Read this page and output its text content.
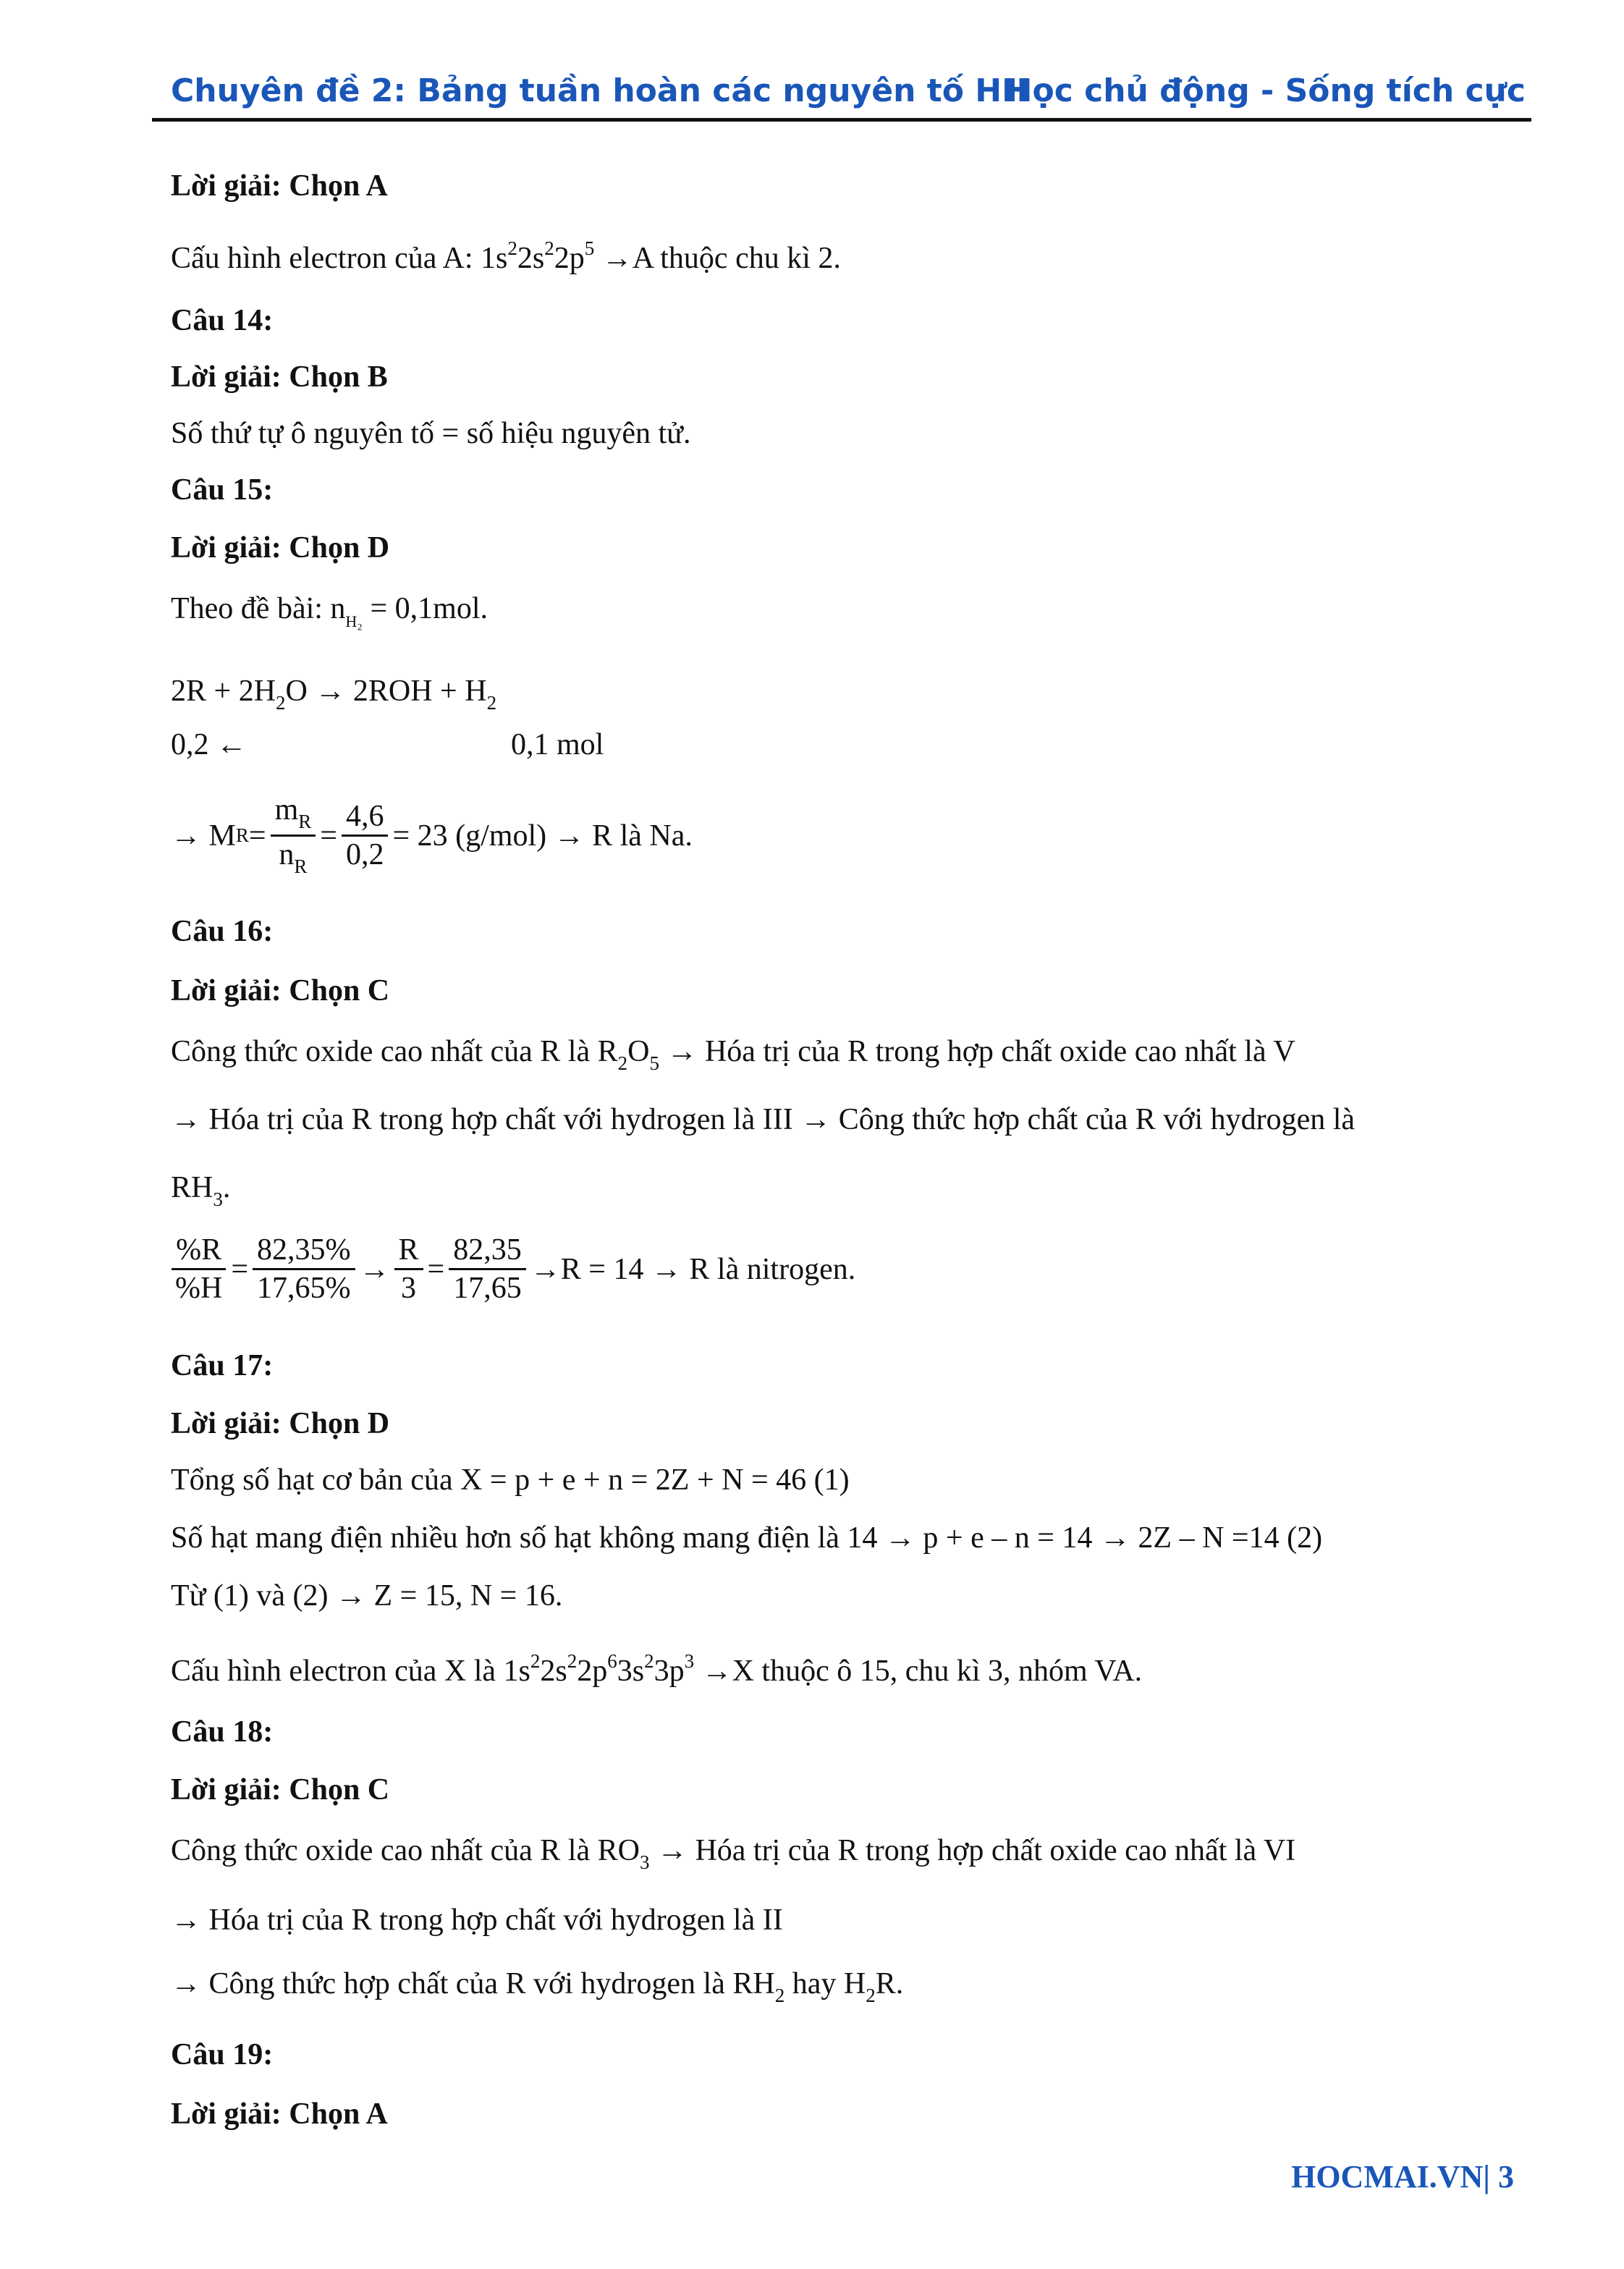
Chuyên đề 2: Bảng tuần hoàn các nguyên tố HH
Học chủ động - Sống tích cực
Lời giải: Chọn A
Cấu hình electron của A: $1s^22s^22p^5 \to A$ thuộc chu kì 2.
Câu 14:
Lời giải: Chọn B
Số thứ tự ô nguyên tố = số hiệu nguyên tử.
Câu 15:
Lời giải: Chọn D
Theo đề bài: $n_{H_2} = 0,1mol$.
$2R + 2H_2O \to 2ROH + H_2$
0,2 ←	0,1 mol
→ M $R = \frac{m_R}{n_R} = \frac{4,6}{0,2} = 23$ (g/mol) → R là Na.
Câu 16:
Lời giải: Chọn C
Công thức oxide cao nhất của R là $R_2O_5$ → Hóa trị của R trong hợp chất oxide cao nhất là V
→ Hóa trị của R trong hợp chất với hydrogen là III → Công thức hợp chất của R với hydrogen là
$RH_3$.
$\frac{\%R}{\%H} = \frac{82,35\%}{17,65\%} \to \frac{R}{3} = \frac{82,35}{17,65} \to R = 14 \to R$ là nitrogen.
Câu 17:
Lời giải: Chọn D
Tổng số hạt cơ bản của X = p + e + n = 2Z + N = 46 (1)
Số hạt mang điện nhiều hơn số hạt không mang điện là 14 → p + e – n = 14 → 2Z – N =14 (2)
Từ (1) và (2) → Z = 15, N = 16.
Cấu hình electron của X là $1s^22s^22p^63s^23p^3 \to X$ thuộc ô 15, chu kì 3, nhóm VA.
Câu 18:
Lời giải: Chọn C
Công thức oxide cao nhất của R là $RO_3$ → Hóa trị của R trong hợp chất oxide cao nhất là VI
→ Hóa trị của R trong hợp chất với hydrogen là II
→ Công thức hợp chất của R với hydrogen là $RH_2$ hay $H_2R$.
Câu 19:
Lời giải: Chọn A
HOCMAI.VN| 3
